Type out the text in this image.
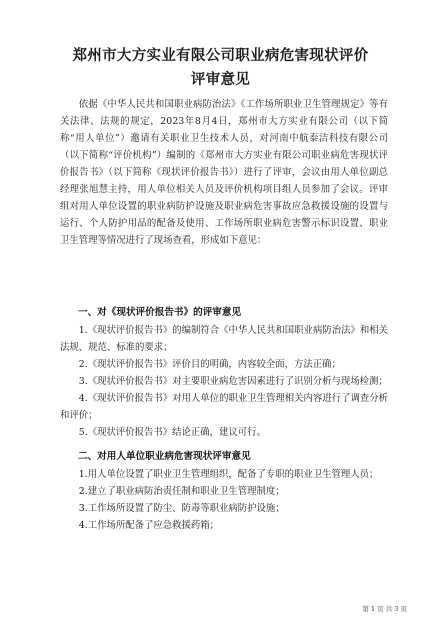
郑州市大方实业有限公司职业病危害现状评价
评审意见

依据《中华人民共和国职业病防治法》《工作场所职业卫生管理规定》等有关法律、法规的规定，2023年8月4日，郑州市大方实业有限公司（以下简称“用人单位”）邀请有关职业卫生技术人员，对河南中航泰洁科技有限公司（以下简称“评价机构”）编制的《郑州市大方实业有限公司职业病危害现状评价报告书》（以下简称《现状评价报告书》）进行了评审，会议由用人单位副总经理张旭慧主持，用人单位相关人员及评价机构项目组人员参加了会议。评审组对用人单位设置的职业病防护设施及职业病危害事故应急救援设施的设置与运行、个人防护用品的配备及使用、工作场所职业病危害警示标识设置、职业卫生管理等情况进行了现场查看，形成如下意见：

一、对《现状评价报告书》的评审意见
1.《现状评价报告书》的编制符合《中华人民共和国职业病防治法》和相关法规、规范、标准的要求；
2.《现状评价报告书》评价目的明确，内容较全面，方法正确；
3.《现状评价报告书》对主要职业病危害因素进行了识别分析与现场检测；
4.《现状评价报告书》对用人单位的职业卫生管理相关内容进行了调查分析和评价；
5.《现状评价报告书》结论正确，建议可行。
二、对用人单位职业病危害现状评审意见
1.用人单位设置了职业卫生管理组织，配备了专职的职业卫生管理人员；
2.建立了职业病防治责任制和职业卫生管理制度；
3.工作场所设置了防尘、防毒等职业病防护设施；
4.工作场所配备了应急救援药箱；
第 1 页 共 3 页
